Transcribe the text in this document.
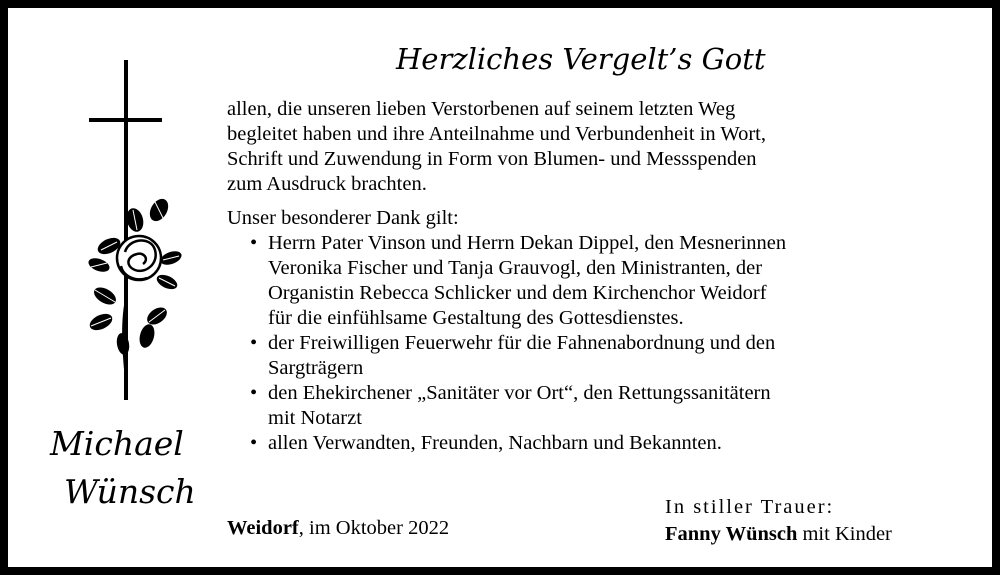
Herzliches Vergelt’s Gott

allen, die unseren lieben Verstorbenen auf seinem letzten Weg
begleitet haben und ihre Anteilnahme und Verbundenheit in Wort,
Schrift und Zuwendung in Form von Blumen- und Messspenden
zum Ausdruck brachten.

Unser besonderer Dank gilt:

• Herrn Pater Vinson und Herrn Dekan Dippel, den Mesnerinnen
Veronika Fischer und Tanja Grauvogl, den Ministranten, der
Organistin Rebecca Schlicker und dem Kirchenchor Weidorf
für die einfühlsame Gestaltung des Gottesdienstes.
• der Freiwilligen Feuerwehr für die Fahnenabordnung und den
Sargträgern
• den Ehekirchener „Sanitäter vor Ort“, den Rettungssanitätern
mit Notarzt
• allen Verwandten, Freunden, Nachbarn und Bekannten.
Michael
Wünsch
Weidorf, im Oktober 2022
In stiller Trauer:
Fanny Wünsch mit Kinder
